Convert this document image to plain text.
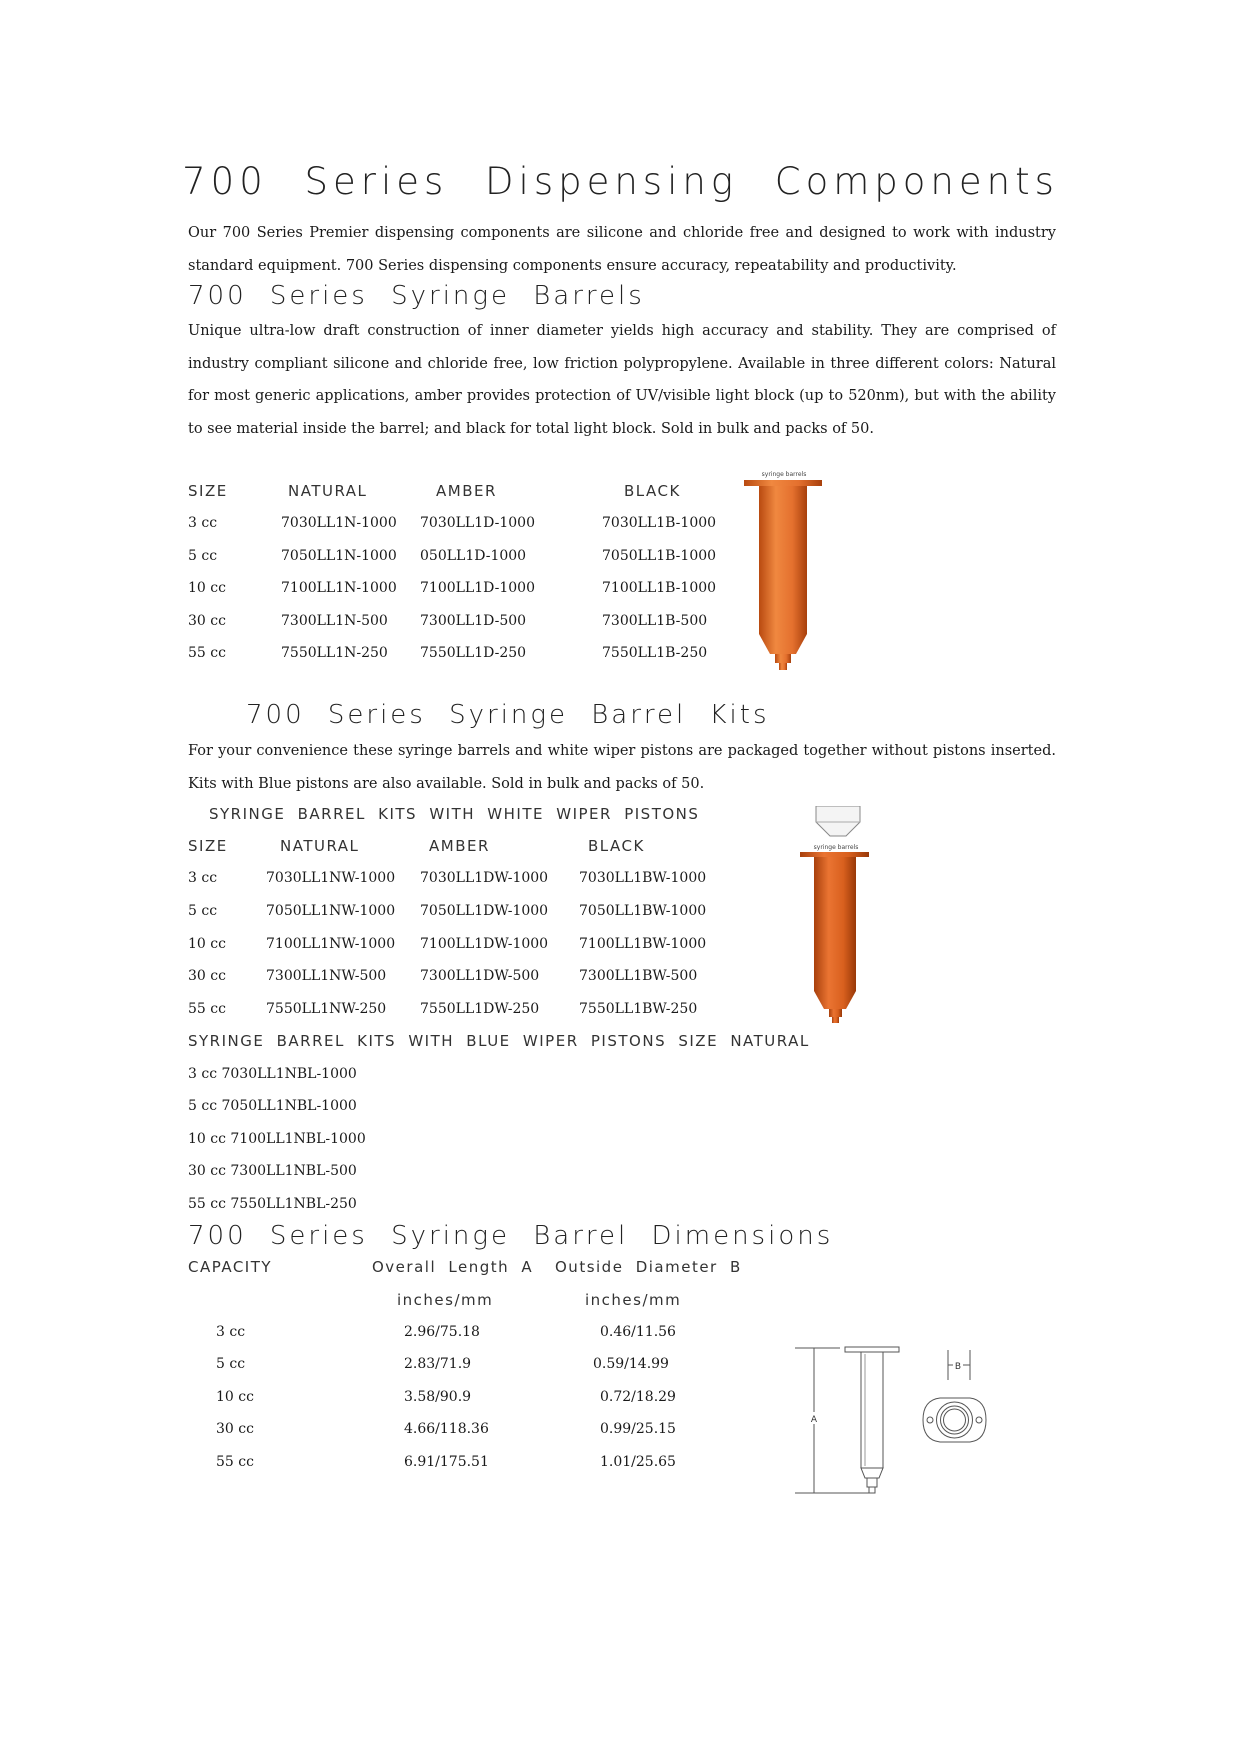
700 Series Dispensing Components
Our 700 Series Premier dispensing components are silicone and chloride free and designed to work with industry standard equipment. 700 Series dispensing components ensure accuracy, repeatability and productivity.
700 Series Syringe Barrels
Unique ultra-low draft construction of inner diameter yields high accuracy and stability. They are comprised of industry compliant silicone and chloride free, low friction polypropylene. Available in three different colors: Natural for most generic applications, amber provides protection of UV/visible light block (up to 520nm), but with the ability to see material inside the barrel; and black for total light block. Sold in bulk and packs of 50.
SIZE	NATURAL	AMBER	BLACK
3 cc	7030LL1N-1000 7030LL1D-1000	7030LL1B-1000
5 cc	7050LL1N-1000 050LL1D-1000	7050LL1B-1000
10 cc	7100LL1N-1000 7100LL1D-1000	7100LL1B-1000
30 cc	7300LL1N-500 7300LL1D-500	7300LL1B-500
55 cc	7550LL1N-250 7550LL1D-250	7550LL1B-250
syringe barrels
700 Series Syringe Barrel Kits
For your convenience these syringe barrels and white wiper pistons are packaged together without pistons inserted. Kits with Blue pistons are also available. Sold in bulk and packs of 50.
SYRINGE BARREL KITS WITH WHITE WIPER PISTONS
SIZE	NATURAL	AMBER	BLACK
3 cc	7030LL1NW-1000 7030LL1DW-1000 7030LL1BW-1000
5 cc	7050LL1NW-1000 7050LL1DW-1000 7050LL1BW-1000
10 cc	7100LL1NW-1000 7100LL1DW-1000 7100LL1BW-1000
30 cc	7300LL1NW-500 7300LL1DW-500	7300LL1BW-500
55 cc	7550LL1NW-250 7550LL1DW-250	7550LL1BW-250
syringe barrels
SYRINGE BARREL KITS WITH BLUE WIPER PISTONS SIZE NATURAL
3 cc 7030LL1NBL-1000
5 cc 7050LL1NBL-1000
10 cc 7100LL1NBL-1000
30 cc 7300LL1NBL-500
55 cc 7550LL1NBL-250
700 Series Syringe Barrel Dimensions
CAPACITY	Overall Length A Outside Diameter B
inches/mm	inches/mm
3 cc	2.96/75.18	0.46/11.56
5 cc	2.83/71.9	0.59/14.99
10 cc	3.58/90.9	0.72/18.29
30 cc	4.66/118.36	0.99/25.15
55 cc	6.91/175.51	1.01/25.65
A
B
